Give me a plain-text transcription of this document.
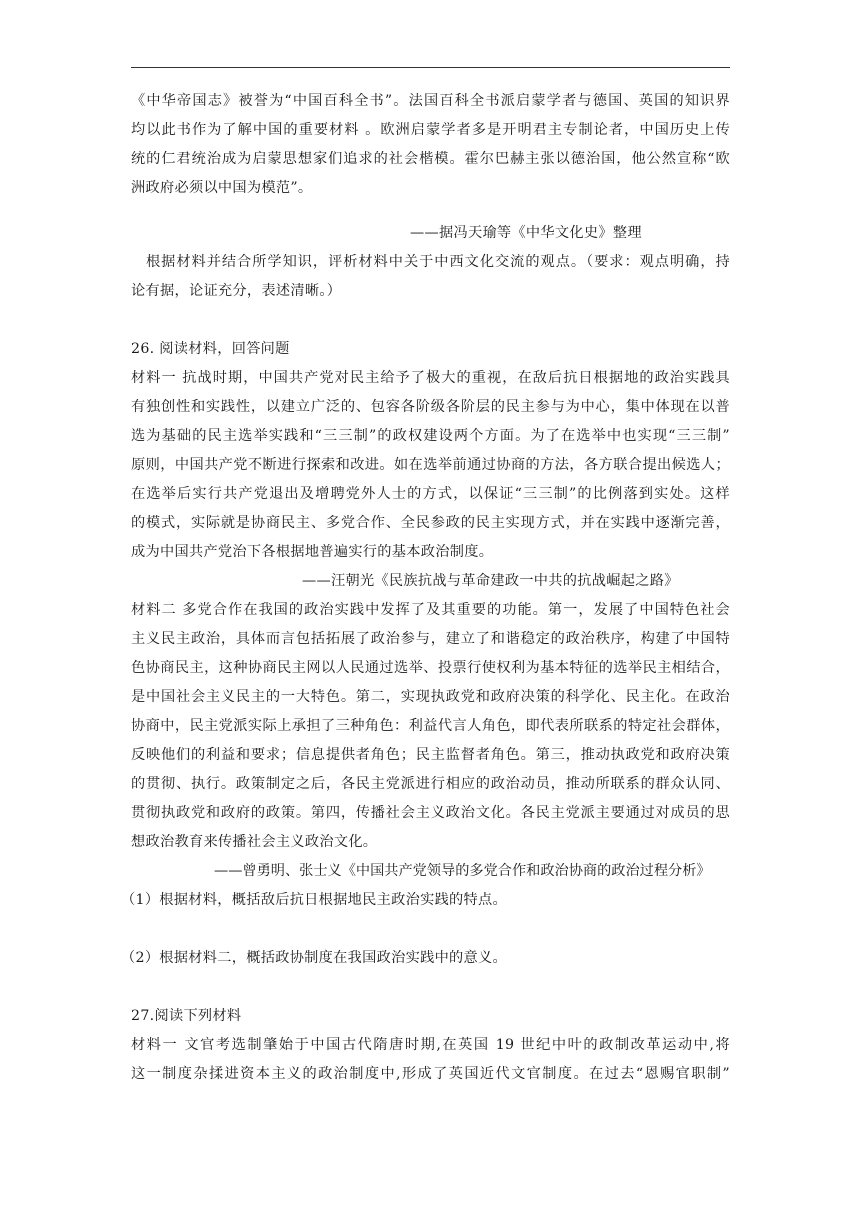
《中华帝国志》被誉为“中国百科全书”。法国百科全书派启蒙学者与德国、英国的知识界
均以此书作为了解中国的重要材料 。欧洲启蒙学者多是开明君主专制论者，中国历史上传
统的仁君统治成为启蒙思想家们追求的社会楷模。霍尔巴赫主张以德治国，他公然宣称“欧
洲政府必须以中国为模范”。
——据冯天瑜等《中华文化史》整理
根据材料并结合所学知识，评析材料中关于中西文化交流的观点。（要求：观点明确，持
论有据，论证充分，表述清晰。）
26. 阅读材料，回答问题
材料一 抗战时期，中国共产党对民主给予了极大的重视，在敌后抗日根据地的政治实践具
有独创性和实践性，以建立广泛的、包容各阶级各阶层的民主参与为中心，集中体现在以普
选为基础的民主选举实践和“三三制”的政权建设两个方面。为了在选举中也实现“三三制”
原则，中国共产党不断进行探索和改进。如在选举前通过协商的方法，各方联合提出候选人；
在选举后实行共产党退出及增聘党外人士的方式，以保证“三三制”的比例落到实处。这样
的模式，实际就是协商民主、多党合作、全民参政的民主实现方式，并在实践中逐渐完善，
成为中国共产党治下各根据地普遍实行的基本政治制度。
——汪朝光《民族抗战与革命建政一中共的抗战崛起之路》
材料二 多党合作在我国的政治实践中发挥了及其重要的功能。第一，发展了中国特色社会
主义民主政治，具体而言包括拓展了政治参与，建立了和谐稳定的政治秩序，构建了中国特
色协商民主，这种协商民主网以人民通过选举、投票行使权利为基本特征的选举民主相结合，
是中国社会主义民主的一大特色。第二，实现执政党和政府决策的科学化、民主化。在政治
协商中，民主党派实际上承担了三种角色：利益代言人角色，即代表所联系的特定社会群体，
反映他们的利益和要求；信息提供者角色；民主监督者角色。第三，推动执政党和政府决策
的贯彻、执行。政策制定之后，各民主党派进行相应的政治动员，推动所联系的群众认同、
贯彻执政党和政府的政策。第四，传播社会主义政治文化。各民主党派主要通过对成员的思
想政治教育来传播社会主义政治文化。
——曾勇明、张士义《中国共产党领导的多党合作和政治协商的政治过程分析》
（1）根据材料，概括敌后抗日根据地民主政治实践的特点。
（2）根据材料二，概括政协制度在我国政治实践中的意义。
27.阅读下列材料
材料一 文官考选制肇始于中国古代隋唐时期,在英国 19 世纪中叶的政制改革运动中,将
这一制度杂揉进资本主义的政治制度中,形成了英国近代文官制度。在过去“恩赐官职制”
